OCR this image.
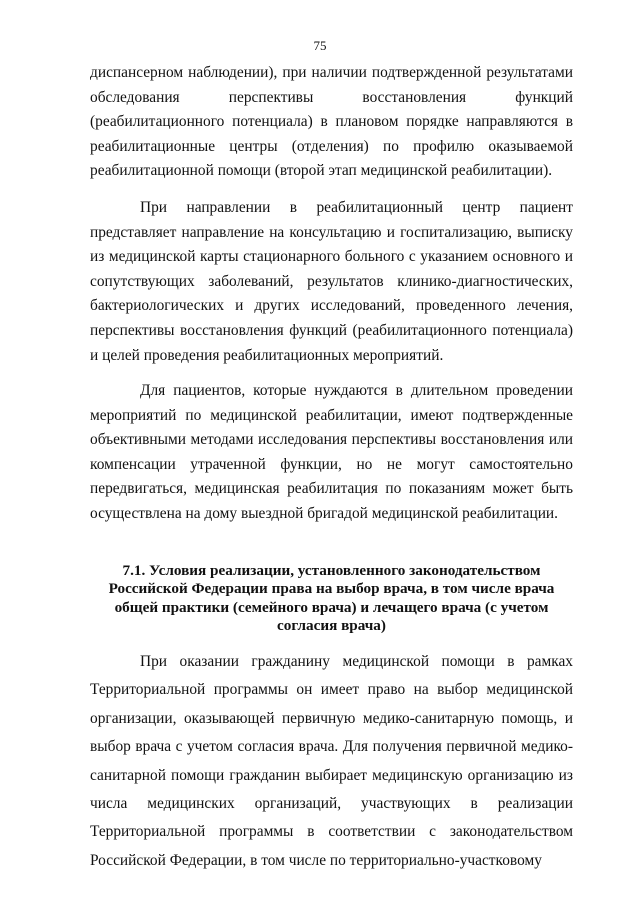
75
диспансерном наблюдении), при наличии подтвержденной результатами обследования перспективы восстановления функций (реабилитационного потенциала) в плановом порядке направляются в реабилитационные центры (отделения) по профилю оказываемой реабилитационной помощи (второй этап медицинской реабилитации).
При направлении в реабилитационный центр пациент представляет направление на консультацию и госпитализацию, выписку из медицинской карты стационарного больного с указанием основного и сопутствующих заболеваний, результатов клинико-диагностических, бактериологических и других исследований, проведенного лечения, перспективы восстановления функций (реабилитационного потенциала) и целей проведения реабилитационных мероприятий.
Для пациентов, которые нуждаются в длительном проведении мероприятий по медицинской реабилитации, имеют подтвержденные объективными методами исследования перспективы восстановления или компенсации утраченной функции, но не могут самостоятельно передвигаться, медицинская реабилитация по показаниям может быть осуществлена на дому выездной бригадой медицинской реабилитации.
7.1. Условия реализации, установленного законодательством Российской Федерации права на выбор врача, в том числе врача общей практики (семейного врача) и лечащего врача (с учетом согласия врача)
При оказании гражданину медицинской помощи в рамках Территориальной программы он имеет право на выбор медицинской организации, оказывающей первичную медико-санитарную помощь, и выбор врача с учетом согласия врача. Для получения первичной медико-санитарной помощи гражданин выбирает медицинскую организацию из числа медицинских организаций, участвующих в реализации Территориальной программы в соответствии с законодательством Российской Федерации, в том числе по территориально-участковому
